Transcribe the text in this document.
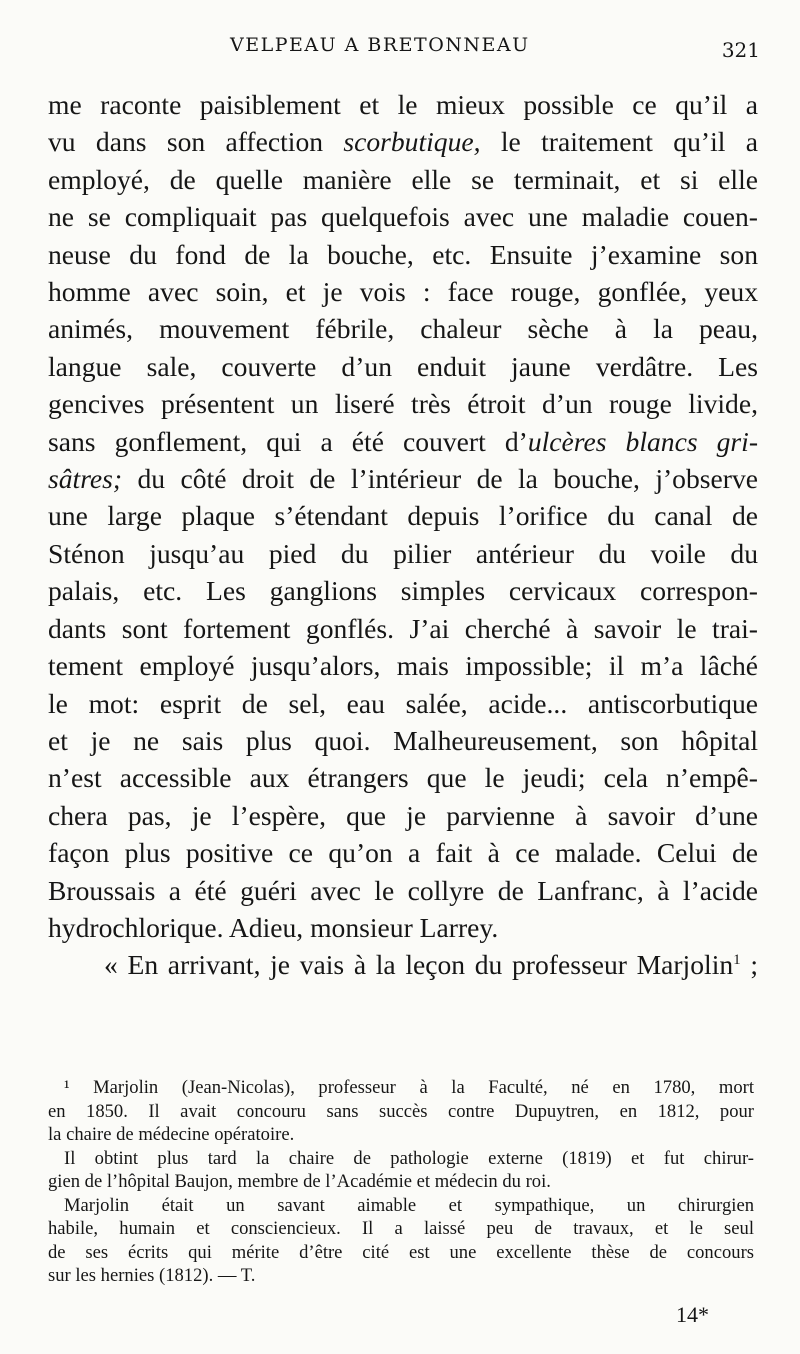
VELPEAU A BRETONNEAU	321
me raconte paisiblement et le mieux possible ce qu’il a
vu dans son affection scorbutique, le traitement qu’il a
employé, de quelle manière elle se terminait, et si elle
ne se compliquait pas quelquefois avec une maladie couen-
neuse du fond de la bouche, etc. Ensuite j’examine son
homme avec soin, et je vois : face rouge, gonflée, yeux
animés, mouvement fébrile, chaleur sèche à la peau,
langue sale, couverte d’un enduit jaune verdâtre. Les
gencives présentent un liseré très étroit d’un rouge livide,
sans gonflement, qui a été couvert d’ulcères blancs gri-
sâtres; du côté droit de l’intérieur de la bouche, j’observe
une large plaque s’étendant depuis l’orifice du canal de
Sténon jusqu’au pied du pilier antérieur du voile du
palais, etc. Les ganglions simples cervicaux correspon-
dants sont fortement gonflés. J’ai cherché à savoir le trai-
tement employé jusqu’alors, mais impossible; il m’a lâché
le mot: esprit de sel, eau salée, acide... antiscorbutique
et je ne sais plus quoi. Malheureusement, son hôpital
n’est accessible aux étrangers que le jeudi; cela n’empê-
chera pas, je l’espère, que je parvienne à savoir d’une
façon plus positive ce qu’on a fait à ce malade. Celui de
Broussais a été guéri avec le collyre de Lanfranc, à l’acide
hydrochlorique. Adieu, monsieur Larrey.
« En arrivant, je vais à la leçon du professeur Marjolin$^1$ ;
¹ Marjolin (Jean-Nicolas), professeur à la Faculté, né en 1780, mort
en 1850. Il avait concouru sans succès contre Dupuytren, en 1812, pour
la chaire de médecine opératoire.
Il obtint plus tard la chaire de pathologie externe (1819) et fut chirur-
gien de l’hôpital Baujon, membre de l’Académie et médecin du roi.
Marjolin était un savant aimable et sympathique, un chirurgien
habile, humain et consciencieux. Il a laissé peu de travaux, et le seul
de ses écrits qui mérite d’être cité est une excellente thèse de concours
sur les hernies (1812). — T.
14*
